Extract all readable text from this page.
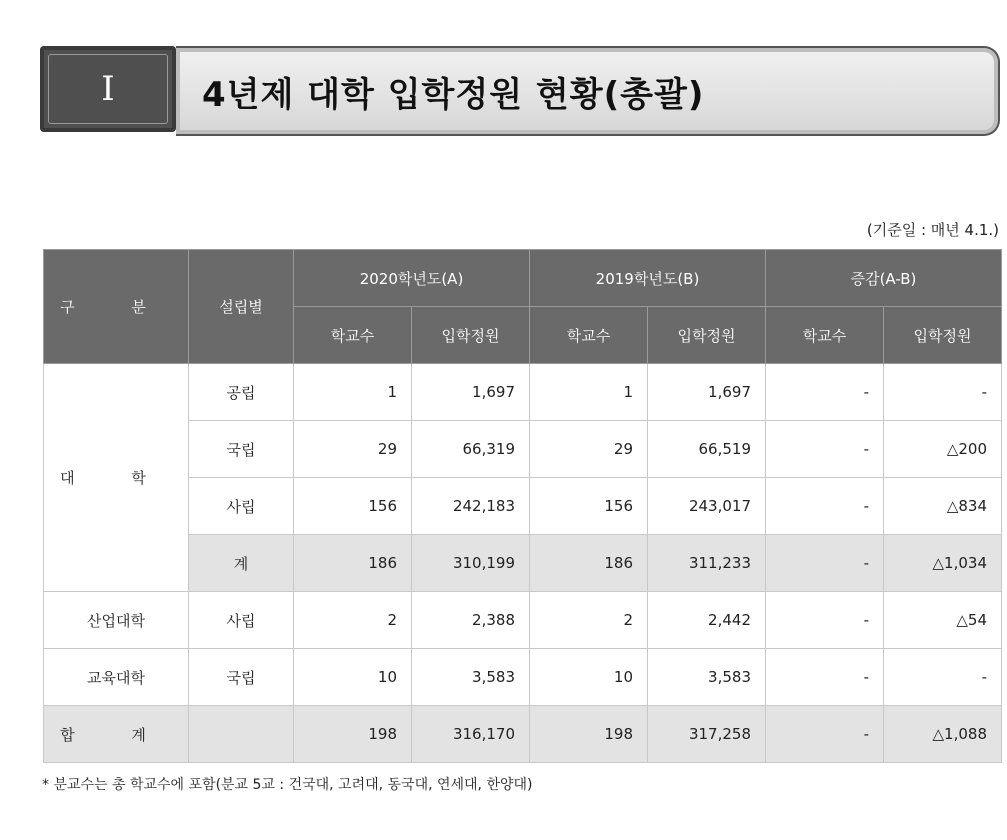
I	4년제 대학 입학정원 현황(총괄)
(기준일 : 매년 4.1.)
구 분	설립별	2020학년도(A)		2019학년도(B)		증감(A-B)	
		학교수	입학정원	학교수	입학정원	학교수	입학정원
대 학	공립	1	1,697	1	1,697	-	-
	국립	29	66,319	29	66,519	-	△200
	사립	156	242,183	156	243,017	-	△834
	계	186	310,199	186	311,233	-	△1,034
산업대학	사립	2	2,388	2	2,442	-	△54
교육대학	국립	10	3,583	10	3,583	-	-
합 계		198	316,170	198	317,258	-	△1,088
* 분교수는 총 학교수에 포함(분교 5교 : 건국대, 고려대, 동국대, 연세대, 한양대)
